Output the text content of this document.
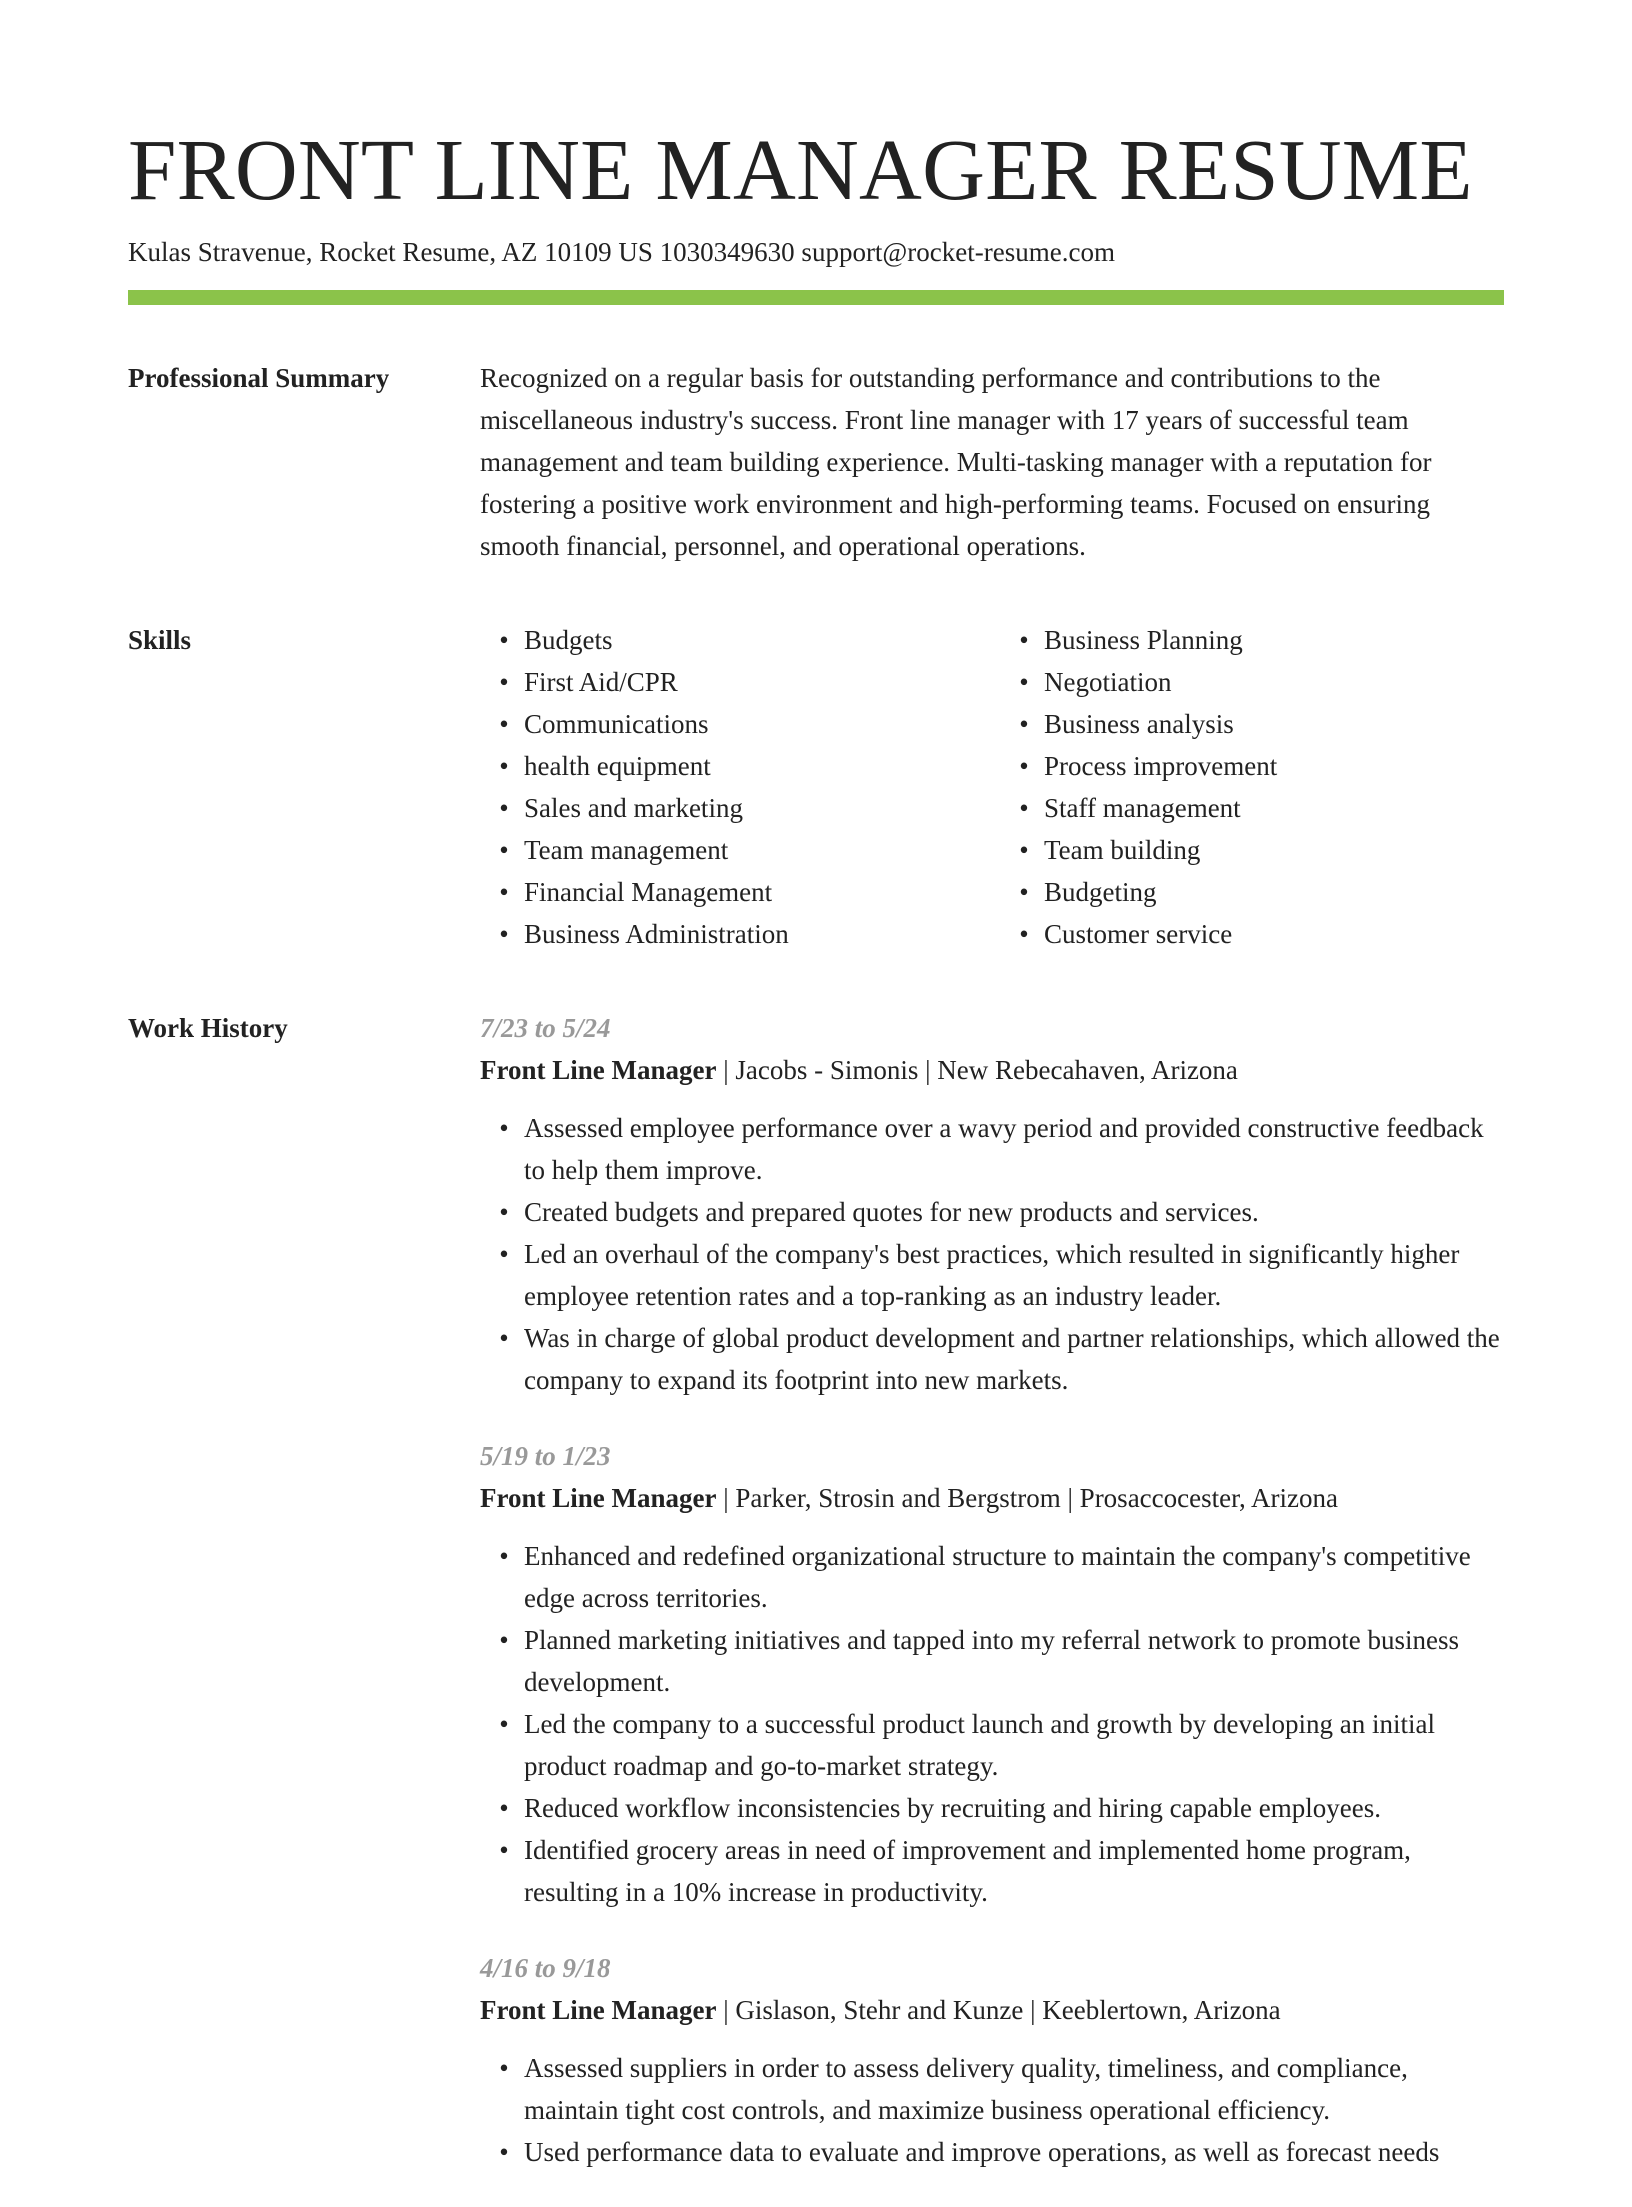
FRONT LINE MANAGER RESUME
Kulas Stravenue, Rocket Resume, AZ 10109 US 1030349630 support@rocket-resume.com
Professional Summary	Recognized on a regular basis for outstanding performance and contributions to the miscellaneous industry's success. Front line manager with 17 years of successful team management and team building experience. Multi-tasking manager with a reputation for fostering a positive work environment and high-performing teams. Focused on ensuring smooth financial, personnel, and operational operations.

Skills	• Budgets
• First Aid/CPR
• Communications
• health equipment
• Sales and marketing
• Team management
• Financial Management
• Business Administration
• Business Planning
• Negotiation
• Business analysis
• Process improvement
• Staff management
• Team building
• Budgeting
• Customer service
Work History	7/23 to 5/24
Front Line Manager | Jacobs - Simonis | New Rebecahaven, Arizona
• Assessed employee performance over a wavy period and provided constructive feedback to help them improve.
• Created budgets and prepared quotes for new products and services.
• Led an overhaul of the company's best practices, which resulted in significantly higher employee retention rates and a top-ranking as an industry leader.
• Was in charge of global product development and partner relationships, which allowed the company to expand its footprint into new markets.
5/19 to 1/23
Front Line Manager | Parker, Strosin and Bergstrom | Prosaccocester, Arizona
• Enhanced and redefined organizational structure to maintain the company's competitive edge across territories.
• Planned marketing initiatives and tapped into my referral network to promote business development.
• Led the company to a successful product launch and growth by developing an initial product roadmap and go-to-market strategy.
• Reduced workflow inconsistencies by recruiting and hiring capable employees.
• Identified grocery areas in need of improvement and implemented home program, resulting in a 10% increase in productivity.
4/16 to 9/18
Front Line Manager | Gislason, Stehr and Kunze | Keeblertown, Arizona
• Assessed suppliers in order to assess delivery quality, timeliness, and compliance, maintain tight cost controls, and maximize business operational efficiency.
• Used performance data to evaluate and improve operations, as well as forecast needs
